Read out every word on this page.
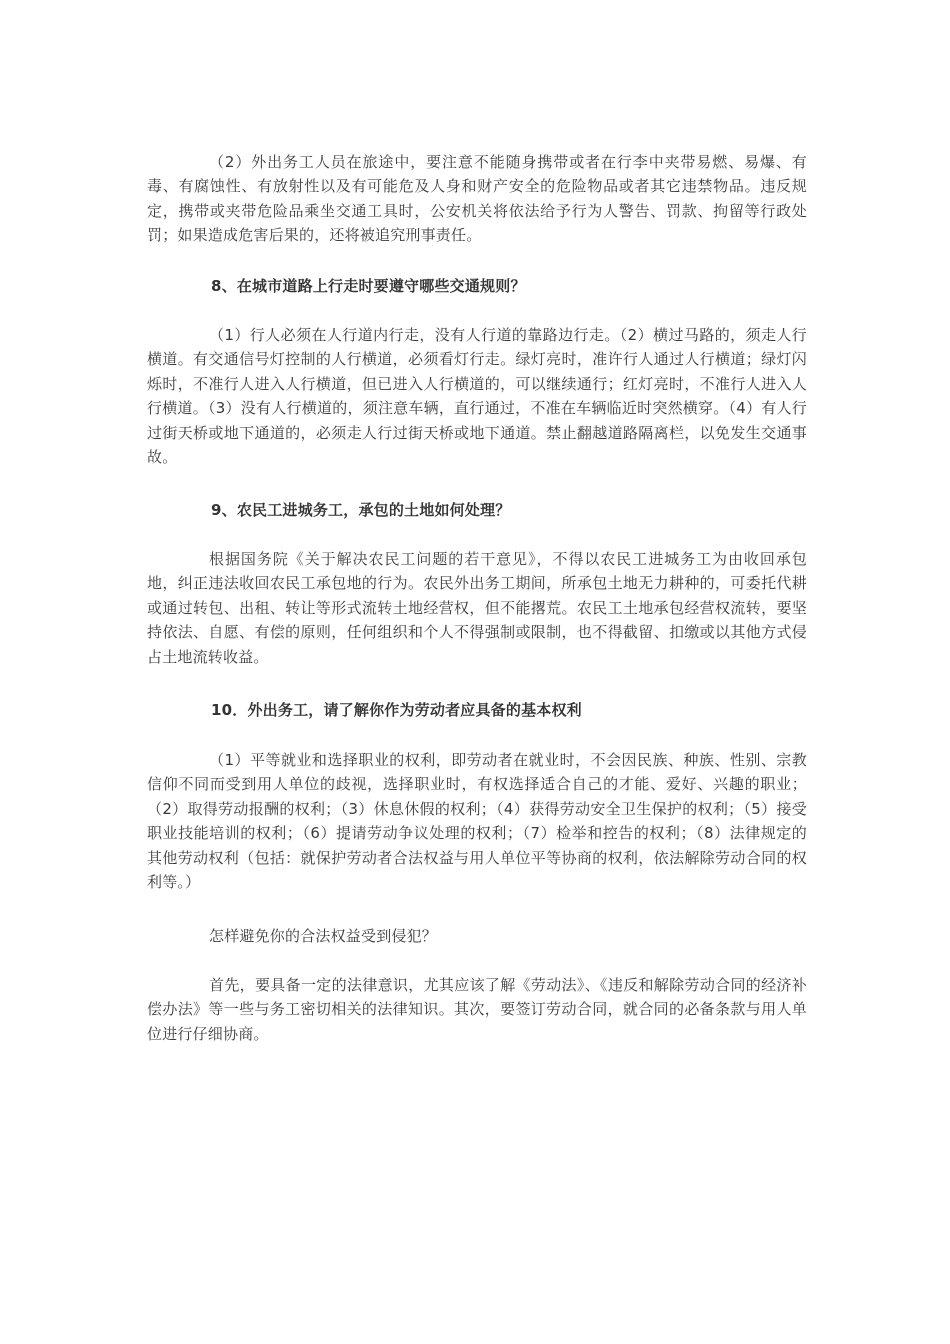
（2）外出务工人员在旅途中，要注意不能随身携带或者在行李中夹带易燃、易爆、有毒、有腐蚀性、有放射性以及有可能危及人身和财产安全的危险物品或者其它违禁物品。违反规定，携带或夹带危险品乘坐交通工具时，公安机关将依法给予行为人警告、罚款、拘留等行政处罚；如果造成危害后果的，还将被追究刑事责任。

8、在城市道路上行走时要遵守哪些交通规则？

（1）行人必须在人行道内行走，没有人行道的靠路边行走。（2）横过马路的，须走人行横道。有交通信号灯控制的人行横道，必须看灯行走。绿灯亮时，准许行人通过人行横道；绿灯闪烁时，不准行人进入人行横道，但已进入人行横道的，可以继续通行；红灯亮时，不准行人进入人行横道。（3）没有人行横道的，须注意车辆，直行通过，不准在车辆临近时突然横穿。（4）有人行过街天桥或地下通道的，必须走人行过街天桥或地下通道。禁止翻越道路隔离栏，以免发生交通事故。

9、农民工进城务工，承包的土地如何处理？

根据国务院《关于解决农民工问题的若干意见》，不得以农民工进城务工为由收回承包地，纠正违法收回农民工承包地的行为。农民外出务工期间，所承包土地无力耕种的，可委托代耕或通过转包、出租、转让等形式流转土地经营权，但不能撂荒。农民工土地承包经营权流转，要坚持依法、自愿、有偿的原则，任何组织和个人不得强制或限制，也不得截留、扣缴或以其他方式侵占土地流转收益。

10．外出务工，请了解你作为劳动者应具备的基本权利

（1）平等就业和选择职业的权利，即劳动者在就业时，不会因民族、种族、性别、宗教信仰不同而受到用人单位的歧视，选择职业时，有权选择适合自己的才能、爱好、兴趣的职业；（2）取得劳动报酬的权利；（3）休息休假的权利；（4）获得劳动安全卫生保护的权利；（5）接受职业技能培训的权利；（6）提请劳动争议处理的权利；（7）检举和控告的权利；（8）法律规定的其他劳动权利（包括：就保护劳动者合法权益与用人单位平等协商的权利，依法解除劳动合同的权利等。）

怎样避免你的合法权益受到侵犯？

首先，要具备一定的法律意识，尤其应该了解《劳动法》、《违反和解除劳动合同的经济补偿办法》等一些与务工密切相关的法律知识。其次，要签订劳动合同，就合同的必备条款与用人单位进行仔细协商。
